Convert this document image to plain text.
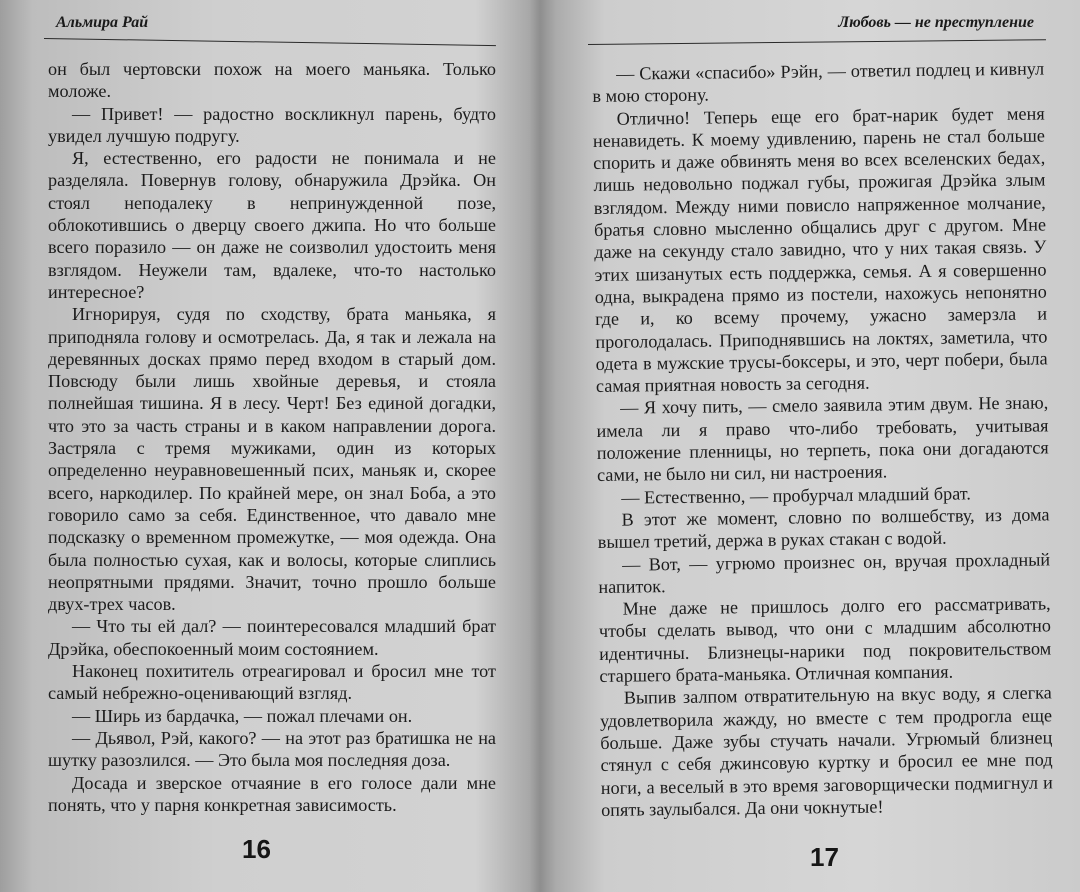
Альмира Рай

он был чертовски похож на моего маньяка. Только моложе.

— Привет! — радостно воскликнул парень, будто увидел лучшую подругу.

Я, естественно, его радости не понимала и не разделяла. Повернув голову, обнаружила Дрэйка. Он стоял неподалеку в непринужденной позе, облокотившись о дверцу своего джипа. Но что больше всего поразило — он даже не соизволил удостоить меня взглядом. Неужели там, вдалеке, что-то настолько интересное?

Игнорируя, судя по сходству, брата маньяка, я приподняла голову и осмотрелась. Да, я так и лежала на деревянных досках прямо перед входом в старый дом. Повсюду были лишь хвойные деревья, и стояла полнейшая тишина. Я в лесу. Черт! Без единой догадки, что это за часть страны и в каком направлении дорога. Застряла с тремя мужиками, один из которых определенно неуравновешенный псих, маньяк и, скорее всего, наркодилер. По крайней мере, он знал Боба, а это говорило само за себя. Единственное, что давало мне подсказку о временном промежутке, — моя одежда. Она была полностью сухая, как и волосы, которые слиплись неопрятными прядями. Значит, точно прошло больше двух-трех часов.

— Что ты ей дал? — поинтересовался младший брат Дрэйка, обеспокоенный моим состоянием.

Наконец похититель отреагировал и бросил мне тот самый небрежно-оценивающий взгляд.

— Ширь из бардачка, — пожал плечами он.

— Дьявол, Рэй, какого? — на этот раз братишка не на шутку разозлился. — Это была моя последняя доза.

Досада и зверское отчаяние в его голосе дали мне понять, что у парня конкретная зависимость.

16
Любовь — не преступление

— Скажи «спасибо» Рэйн, — ответил подлец и кивнул в мою сторону.

Отлично! Теперь еще его брат-нарик будет меня ненавидеть. К моему удивлению, парень не стал больше спорить и даже обвинять меня во всех вселенских бедах, лишь недовольно поджал губы, прожигая Дрэйка злым взглядом. Между ними повисло напряженное молчание, братья словно мысленно общались друг с другом. Мне даже на секунду стало завидно, что у них такая связь. У этих шизанутых есть поддержка, семья. А я совершенно одна, выкрадена прямо из постели, нахожусь непонятно где и, ко всему прочему, ужасно замерзла и проголодалась. Приподнявшись на локтях, заметила, что одета в мужские трусы-боксеры, и это, черт побери, была самая приятная новость за сегодня.

— Я хочу пить, — смело заявила этим двум. Не знаю, имела ли я право что-либо требовать, учитывая положение пленницы, но терпеть, пока они догадаются сами, не было ни сил, ни настроения.

— Естественно, — пробурчал младший брат.

В этот же момент, словно по волшебству, из дома вышел третий, держа в руках стакан с водой.

— Вот, — угрюмо произнес он, вручая прохладный напиток.

Мне даже не пришлось долго его рассматривать, чтобы сделать вывод, что они с младшим абсолютно идентичны. Близнецы-нарики под покровительством старшего брата-маньяка. Отличная компания.

Выпив залпом отвратительную на вкус воду, я слегка удовлетворила жажду, но вместе с тем продрогла еще больше. Даже зубы стучать начали. Угрюмый близнец стянул с себя джинсовую куртку и бросил ее мне под ноги, а веселый в это время заговорщически подмигнул и опять заулыбался. Да они чокнутые!

17
